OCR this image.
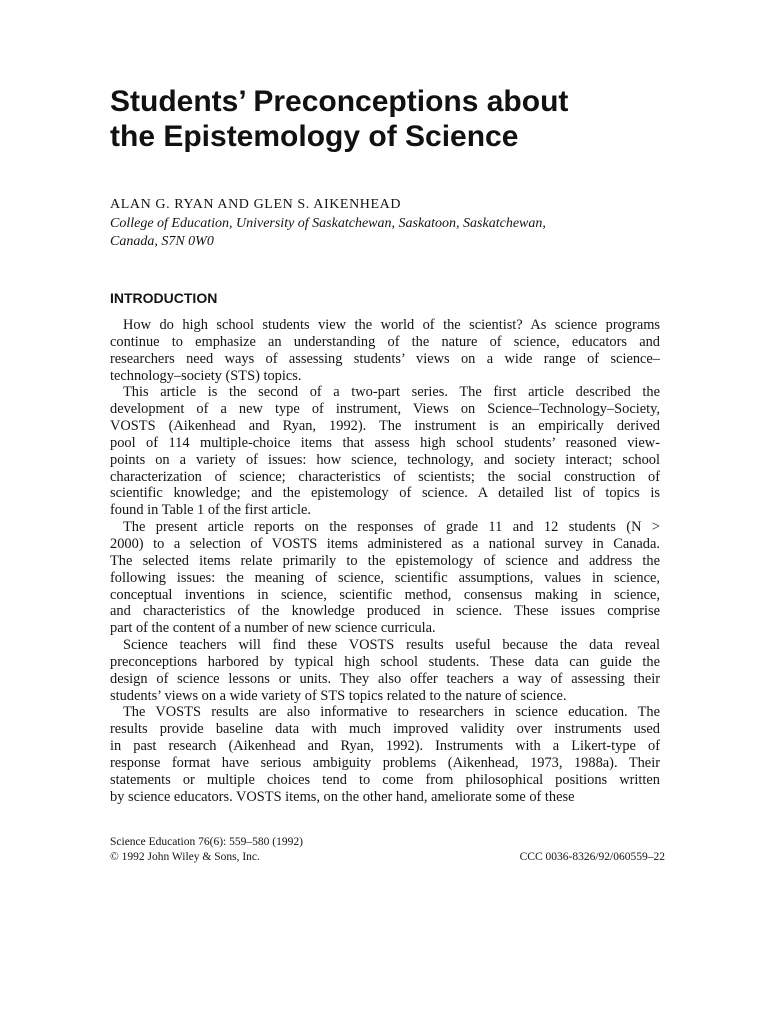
Students’ Preconceptions about
the Epistemology of Science
ALAN G. RYAN AND GLEN S. AIKENHEAD
College of Education, University of Saskatchewan, Saskatoon, Saskatchewan,
Canada, S7N 0W0
INTRODUCTION
How do high school students view the world of the scientist? As science programs
continue to emphasize an understanding of the nature of science, educators and
researchers need ways of assessing students’ views on a wide range of science–
technology–society (STS) topics.
This article is the second of a two-part series. The first article described the
development of a new type of instrument, Views on Science–Technology–Society,
VOSTS (Aikenhead and Ryan, 1992). The instrument is an empirically derived
pool of 114 multiple-choice items that assess high school students’ reasoned view-
points on a variety of issues: how science, technology, and society interact; school
characterization of science; characteristics of scientists; the social construction of
scientific knowledge; and the epistemology of science. A detailed list of topics is
found in Table 1 of the first article.
The present article reports on the responses of grade 11 and 12 students (N >
2000) to a selection of VOSTS items administered as a national survey in Canada.
The selected items relate primarily to the epistemology of science and address the
following issues: the meaning of science, scientific assumptions, values in science,
conceptual inventions in science, scientific method, consensus making in science,
and characteristics of the knowledge produced in science. These issues comprise
part of the content of a number of new science curricula.
Science teachers will find these VOSTS results useful because the data reveal
preconceptions harbored by typical high school students. These data can guide the
design of science lessons or units. They also offer teachers a way of assessing their
students’ views on a wide variety of STS topics related to the nature of science.
The VOSTS results are also informative to researchers in science education. The
results provide baseline data with much improved validity over instruments used
in past research (Aikenhead and Ryan, 1992). Instruments with a Likert-type of
response format have serious ambiguity problems (Aikenhead, 1973, 1988a). Their
statements or multiple choices tend to come from philosophical positions written
by science educators. VOSTS items, on the other hand, ameliorate some of these
Science Education 76(6): 559–580 (1992)
© 1992 John Wiley & Sons, Inc.	CCC 0036-8326/92/060559–22
